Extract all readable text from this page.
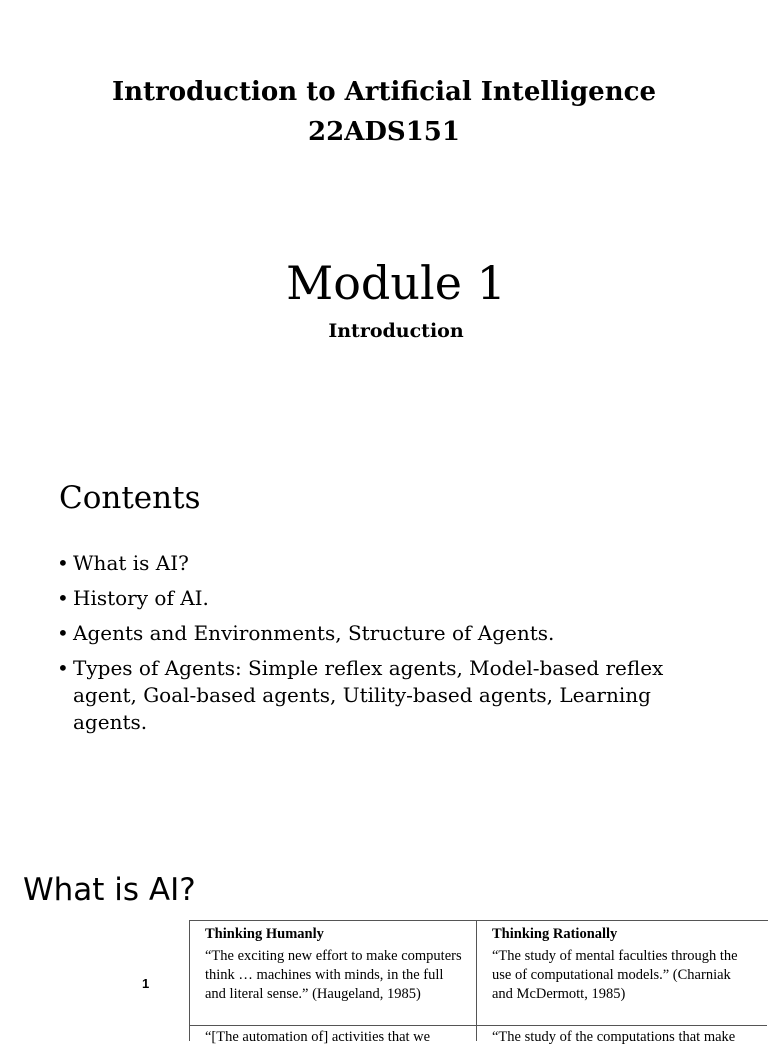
Introduction to Artificial Intelligence
22ADS151
Module 1
Introduction
Contents
• What is AI?
• History of AI.
• Agents and Environments, Structure of Agents.
• Types of Agents: Simple reflex agents, Model-based reflex agent, Goal-based agents, Utility-based agents, Learning agents.
What is AI?
1
Thinking Humanly
“The exciting new effort to make computers think … machines with minds, in the full and literal sense.” (Haugeland, 1985)
“[The automation of] activities that we
Thinking Rationally
“The study of mental faculties through the use of computational models.” (Charniak and McDermott, 1985)
“The study of the computations that make
